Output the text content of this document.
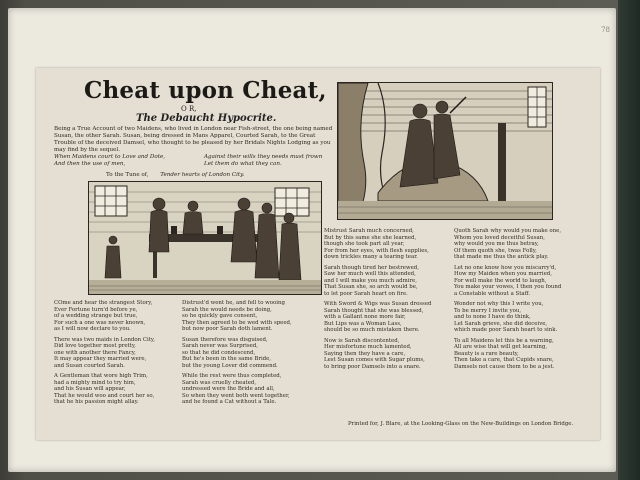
78
Cheat upon Cheat,
O R,
The Debaucht Hypocrite.
Being a True Account of two Maidens, who lived in London near Fish-street, the one being named Susan, the other Sarah. Susan, being dressed in Mans Apparel, Courted Sarah, to the Great Trouble of the deceived Damsel, who thought to be pleased by her Bridals Nights Lodging as you may find by the sequel.
When Maidens court to Love and Dote,	Against their wills they needs must frown
And then the use of men,	Let them do what they can.
To the Tune of, Tender hearts of London City.
COme and hear the strangest Story,
Ever Fortune turn'd before ye,
of a wedding strange but true,
For such a one was never known,
as I will now declare to you.
There was two maids in London City,
Did love together most pretty,
one with another there Fancy,
It may appear they married were,
and Susan courted Sarah.
A Gentleman that wore high Trim,
had a mighty mind to try him,
and his Susan will appear,
That he would woo and court her so,
that he his passion might allay.
Distrust'd went he, and fell to wooing
Sarah the would needs be doing,
so he quickly gave consent,
They then agreed to be wed with speed,
but now poor Sarah doth lament.
Susan therefore was disguised,
Sarah never was Surprised,
so that he did condescend,
But he's been in the same Bride,
but the young Lover did commend.
While the rest were thus completed,
Sarah was cruelly cheated,
undressed were the Bride and all,
So when they went both went together,
and he found a Cat without a Tale.
Mistrust Sarah much concerned,
But by this same she she learned,
though she took part all year,
For from her eyes, with flesh supplies,
down trickles many a tearing tear.
Sarah though tired her bestrewed,
Saw her much well this attended,
and I will make you much admire,
That Susan she, so arch would be,
to let poor Sarah heart on fire.
With Sword & Wigs was Susan dressed
Sarah thought that she was blessed,
with a Gallant none more fair,
But Lips was a Woman Lass,
should be so much mistaken there.
Now is Sarah discontented,
Her misfortune much lamented,
Saying then they have a care,
Lest Susan comes with Sugar plums,
to bring poor Damsels into a snare.
Quoth Sarah why would you make one,
Whom you loved deceitful Susan,
why would you me thus betray,
Of them quoth she, twas Folly,
that made me thus the antick play.
Let no one know how you miscarry'd,
How my Maiden when you married,
For well make the world to laugh,
You make your vowes, I then you found
a Constable without a Staff.
Wonder not why this I write you,
To be merry I invite you,
and to none I have do think,
Let Sarah grieve, she did deceive,
which made poor Sarah heart to sink.
To all Maidens let this be a warning,
All are wise that will get learning,
Beauty is a rare beauty,
Then take a care, that Cupids snare,
Damsels not cause them to be a jest.
Printed for, J. Blare, at the Looking-Glass on the New-Buildings on London Bridge.
